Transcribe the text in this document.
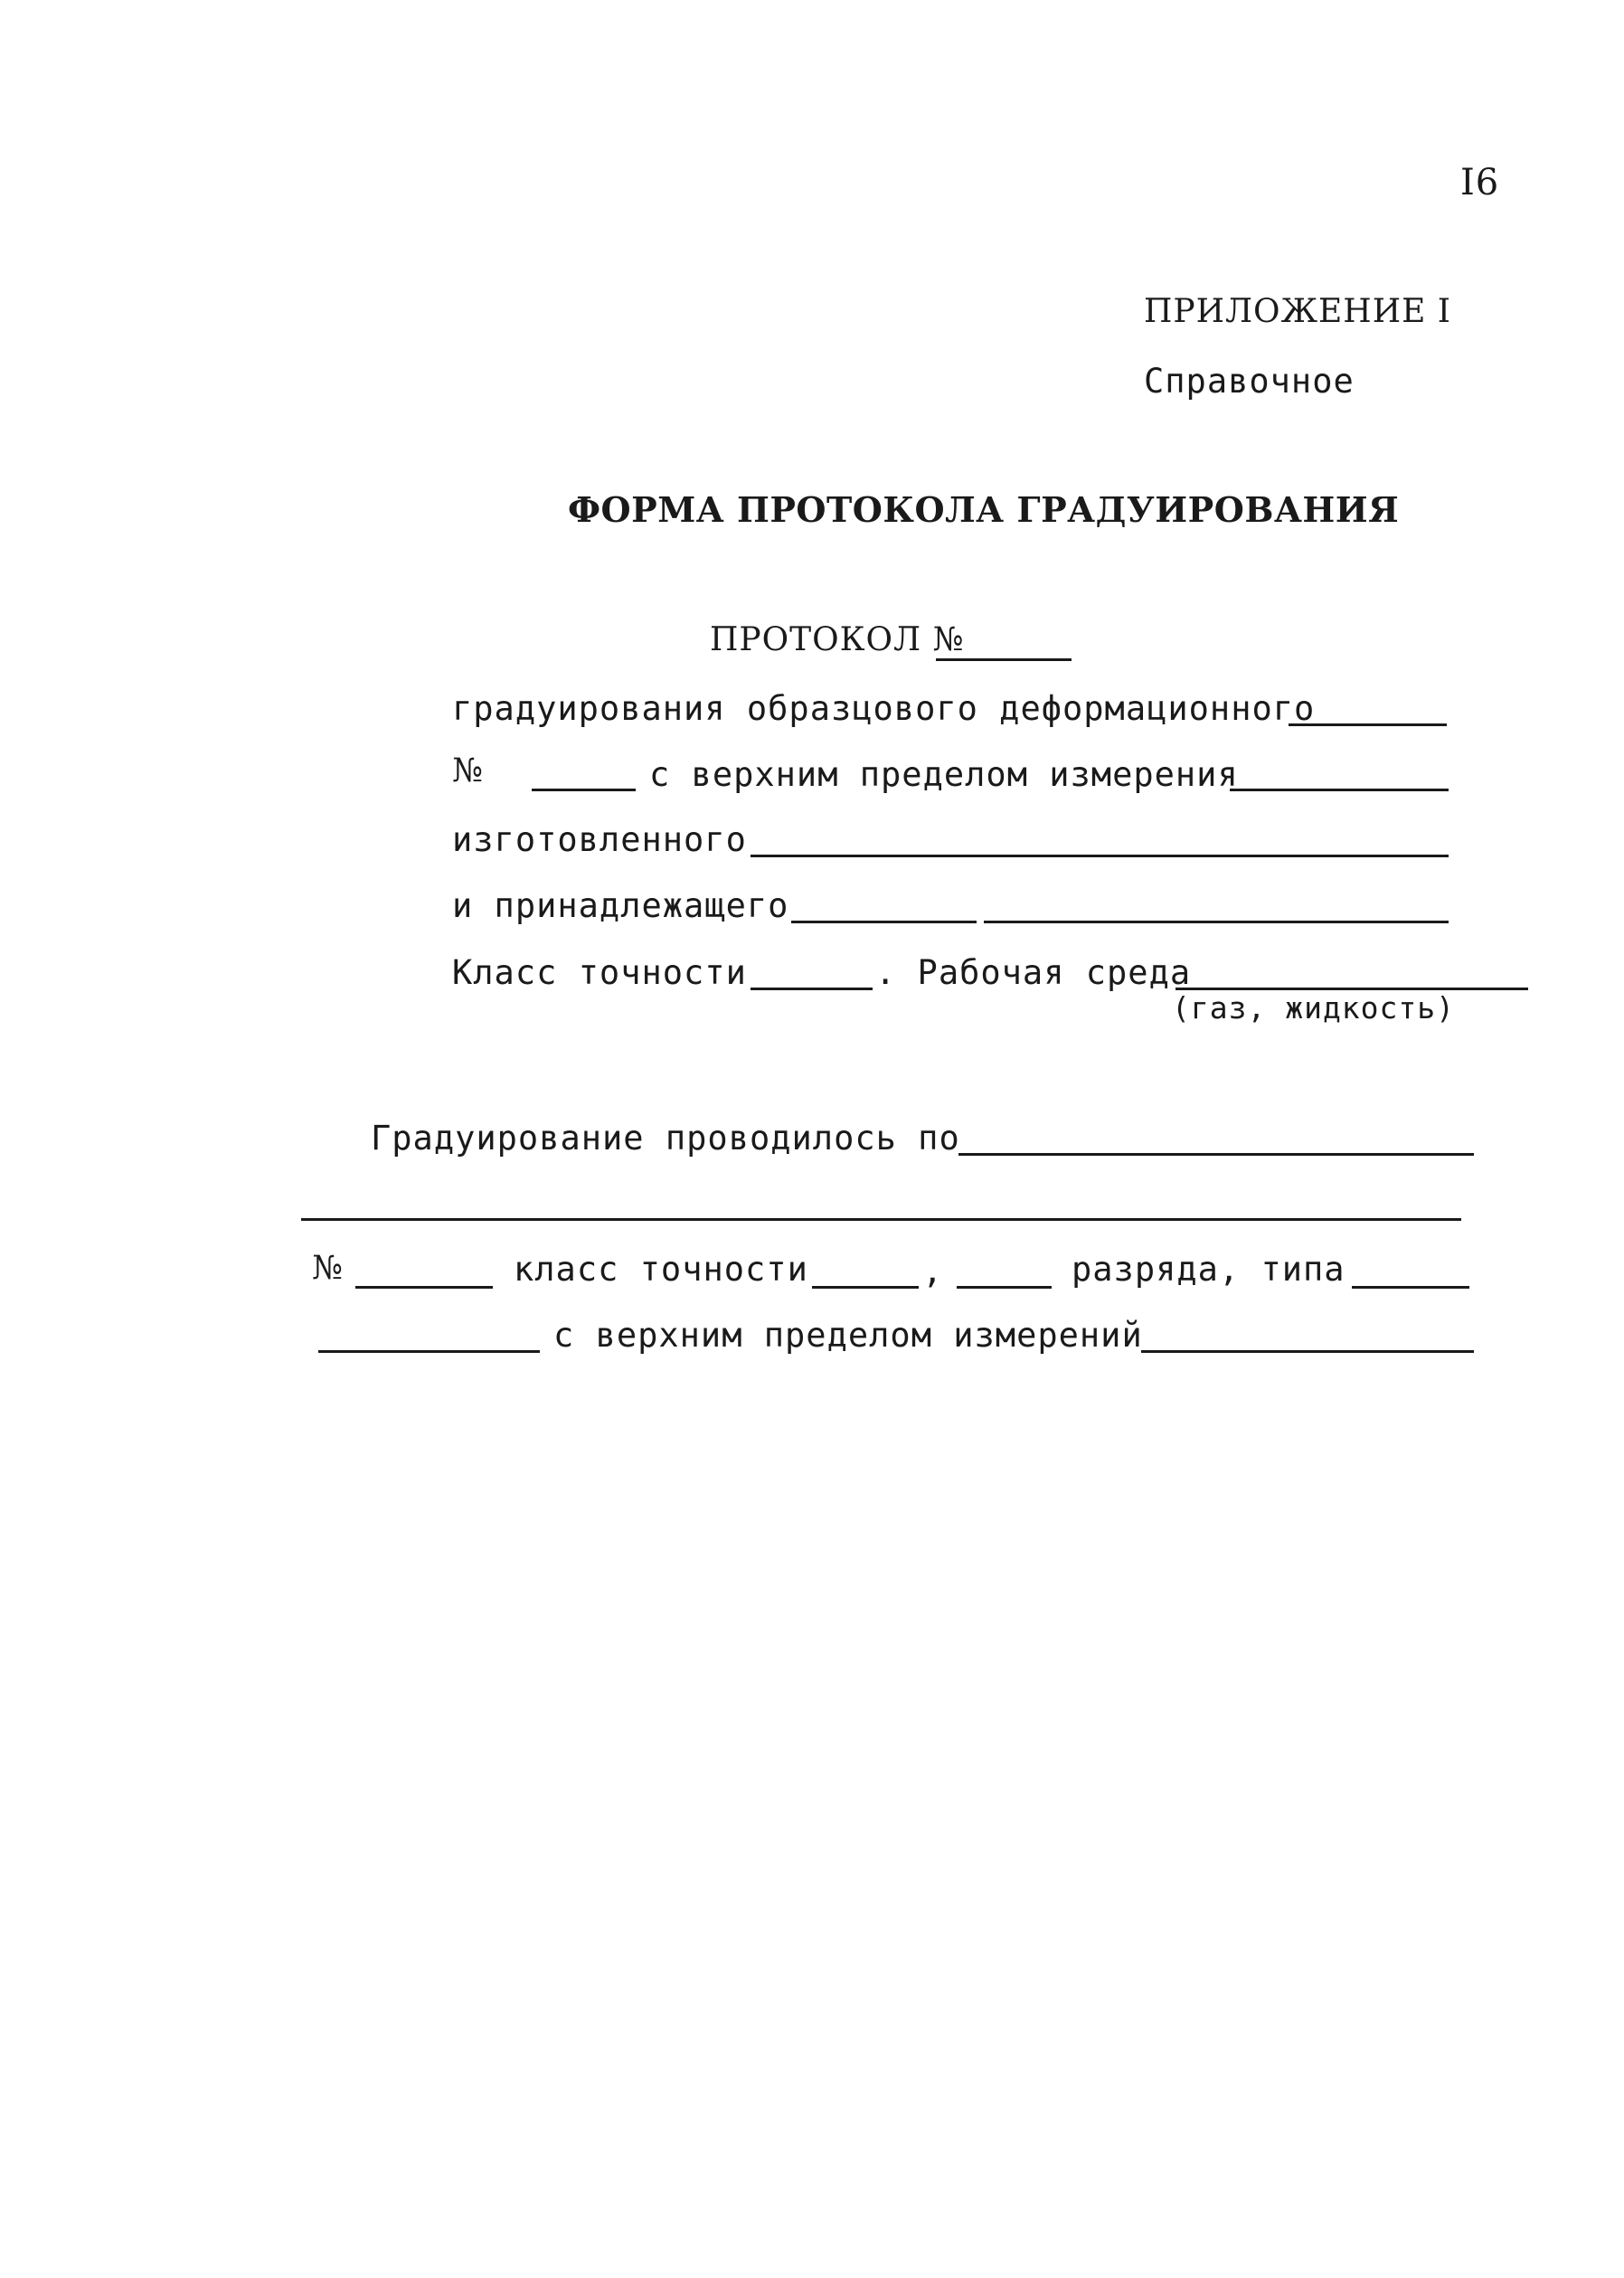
I6
ПРИЛОЖЕНИЕ I
Справочное
ФОРМА ПРОТОКОЛА ГРАДУИРОВАНИЯ
ПРОТОКОЛ №
градуирования образцового деформационного
№	с верхним пределом измерения
изготовленного
и принадлежащего
Класс точности	. Рабочая среда
(газ, жидкость)
Градуирование проводилось по
№	класс точности	,	разряда, типа
с верхним пределом измерений
